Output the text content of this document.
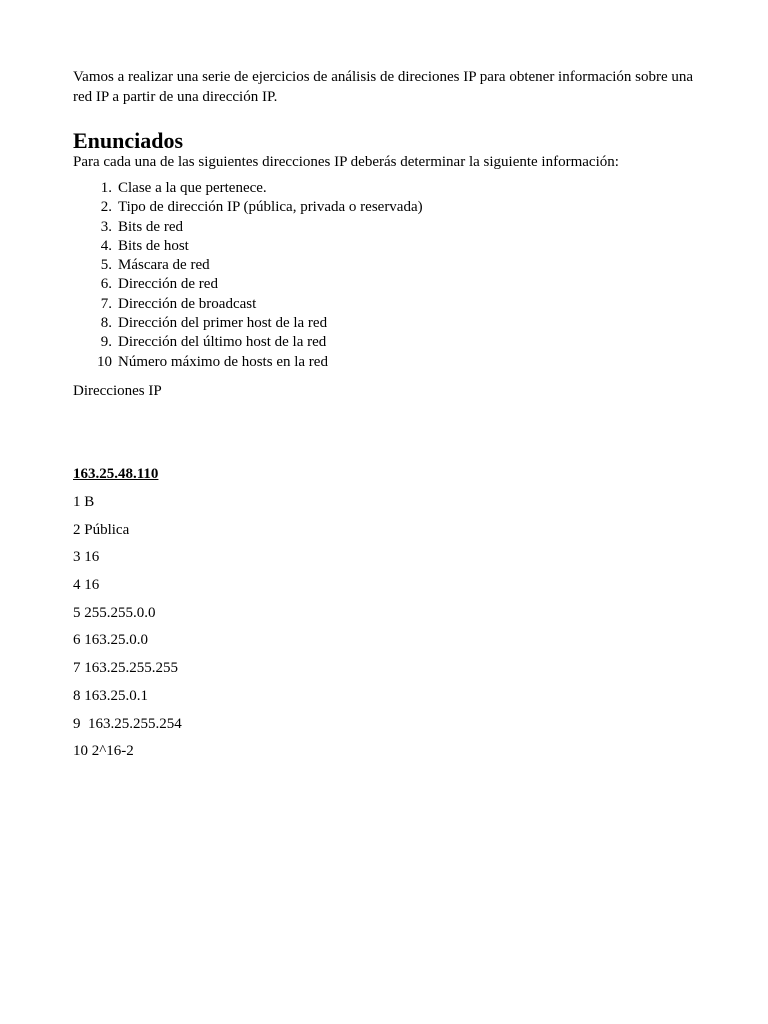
Vamos a realizar una serie de ejercicios de análisis de direciones IP para obtener información sobre una red IP a partir de una dirección IP.

Enunciados

Para cada una de las siguientes direcciones IP deberás determinar la siguiente información:

1. Clase a la que pertenece.
2. Tipo de dirección IP (pública, privada o reservada)
3. Bits de red
4. Bits de host
5. Máscara de red
6. Dirección de red
7. Dirección de broadcast
8. Dirección del primer host de la red
9. Dirección del último host de la red
10 Número máximo de hosts en la red

Direcciones IP

163.25.48.110

1 B
2 Pública
3 16
4 16
5 255.255.0.0
6 163.25.0.0
7 163.25.255.255
8 163.25.0.1
9  163.25.255.254
10 2^16-2
